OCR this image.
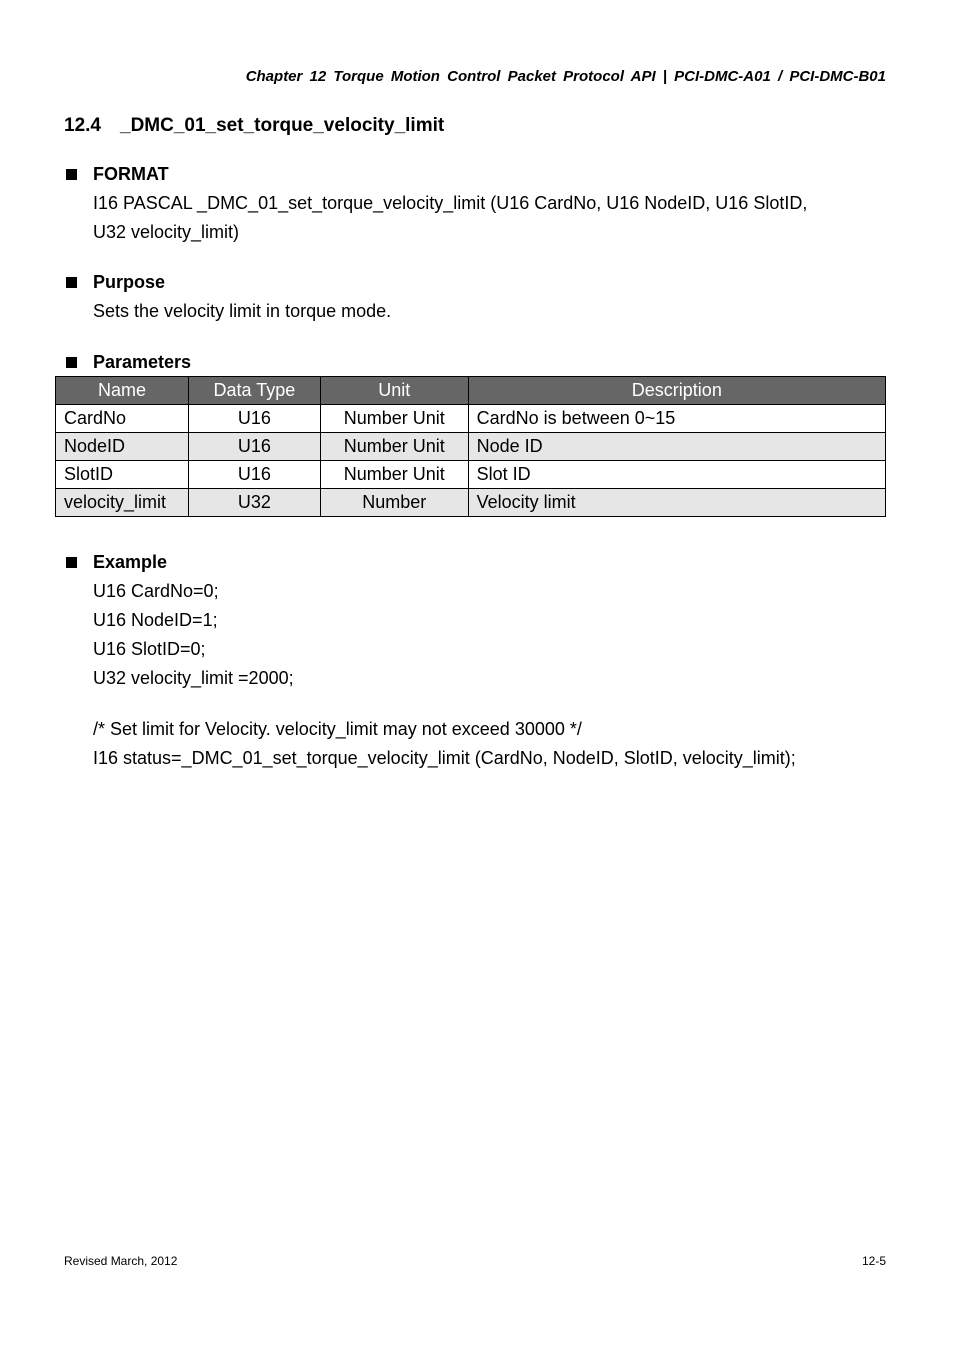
Chapter 12 Torque Motion Control Packet Protocol API | PCI-DMC-A01 / PCI-DMC-B01
12.4 _DMC_01_set_torque_velocity_limit
FORMAT
I16 PASCAL _DMC_01_set_torque_velocity_limit (U16 CardNo, U16 NodeID, U16 SlotID,
U32 velocity_limit)
Purpose
Sets the velocity limit in torque mode.
Parameters
Name	Data Type	Unit	Description
CardNo	U16	Number Unit	CardNo is between 0~15
NodeID	U16	Number Unit	Node ID
SlotID	U16	Number Unit	Slot ID
velocity_limit	U32	Number	Velocity limit
Example
U16 CardNo=0;
U16 NodeID=1;
U16 SlotID=0;
U32 velocity_limit =2000;
/* Set limit for Velocity. velocity_limit may not exceed 30000 */
I16 status=_DMC_01_set_torque_velocity_limit (CardNo, NodeID, SlotID, velocity_limit);
Revised March, 2012	12-5
